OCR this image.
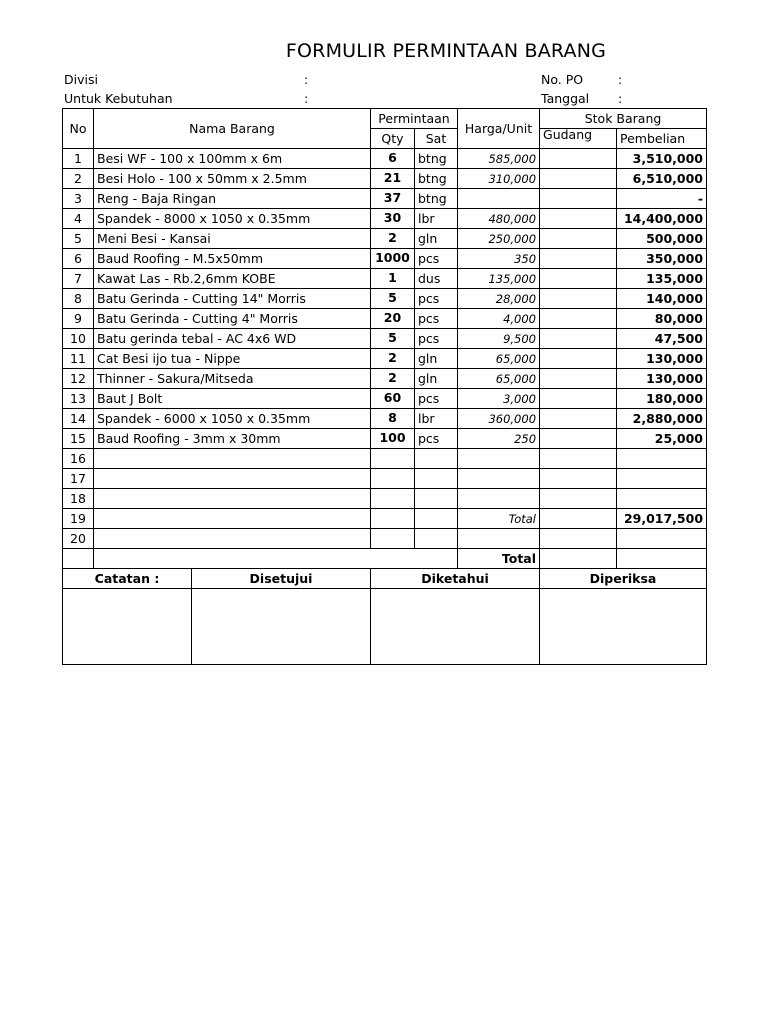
FORMULIR PERMINTAAN BARANG
Divisi	:
Untuk Kebutuhan	:
No. PO	:
Tanggal :
No	Nama Barang		Permintaan		Harga/Unit	Stok Barang	
			Qty	Sat		Gudang	Pembelian
1	Besi WF - 100 x 100mm x 6m		6	btng	585,000		3,510,000
2	Besi Holo - 100 x 50mm x 2.5mm		21	btng	310,000		6,510,000
3	Reng - Baja Ringan		37	btng			-
4	Spandek - 8000 x 1050 x 0.35mm		30	lbr	480,000		14,400,000
5	Meni Besi - Kansai		2	gln	250,000		500,000
6	Baud Roofing - M.5x50mm		1000	pcs	350		350,000
7	Kawat Las - Rb.2,6mm KOBE		1	dus	135,000		135,000
8	Batu Gerinda - Cutting 14" Morris		5	pcs	28,000		140,000
9	Batu Gerinda - Cutting 4" Morris		20	pcs	4,000		80,000
10	Batu gerinda tebal - AC 4x6 WD		5	pcs	9,500		47,500
11	Cat Besi ijo tua - Nippe		2	gln	65,000		130,000
12	Thinner - Sakura/Mitseda		2	gln	65,000		130,000
13	Baut J Bolt		60	pcs	3,000		180,000
14	Spandek - 6000 x 1050 x 0.35mm		8	lbr	360,000		2,880,000
15	Baud Roofing - 3mm x 30mm		100	pcs	250		25,000
16							
17							
18							
19					Total		29,017,500
20							
					Total		
Catatan :		Disetujui	Diketahui			Diperiksa	
